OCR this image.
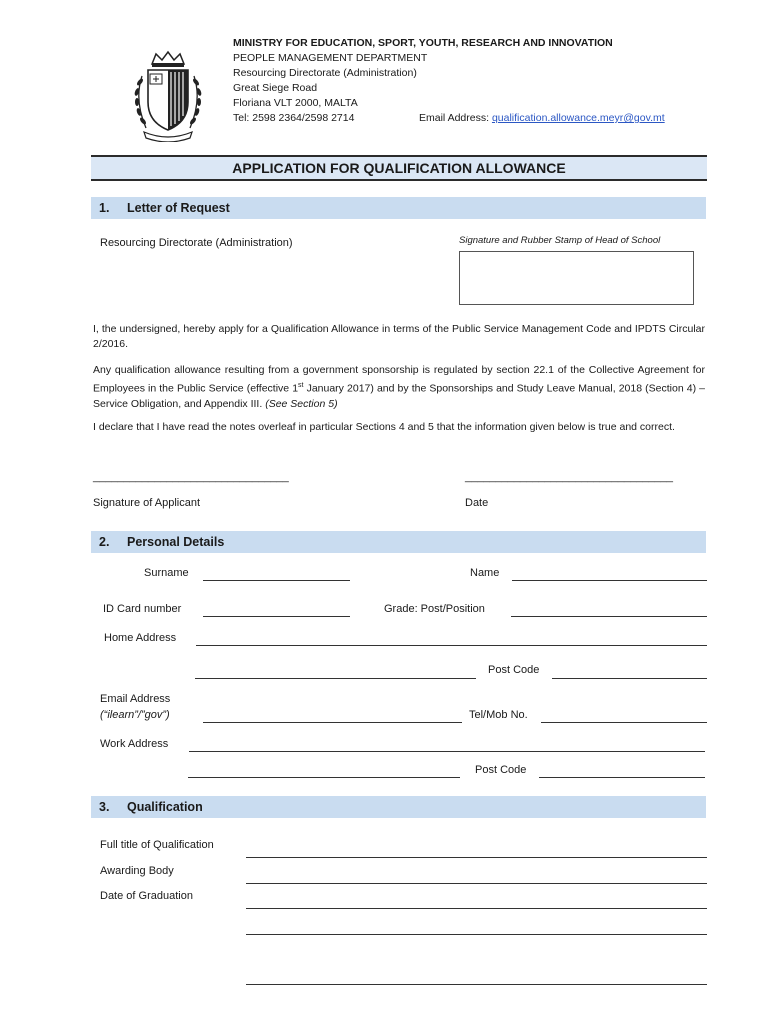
MINISTRY FOR EDUCATION, SPORT, YOUTH, RESEARCH AND INNOVATION
PEOPLE MANAGEMENT DEPARTMENT
Resourcing Directorate (Administration)
Great Siege Road
Floriana VLT 2000, MALTA
Tel: 2598 2364/2598 2714	Email Address: qualification.allowance.meyr@gov.mt
APPLICATION FOR QUALIFICATION ALLOWANCE
1. Letter of Request
Resourcing Directorate (Administration)	Signature and Rubber Stamp of Head of School
I, the undersigned, hereby apply for a Qualification Allowance in terms of the Public Service Management Code and IPDTS Circular 2/2016.
Any qualification allowance resulting from a government sponsorship is regulated by section 22.1 of the Collective Agreement for Employees in the Public Service (effective 1st January 2017) and by the Sponsorships and Study Leave Manual, 2018 (Section 4) – Service Obligation, and Appendix III. (See Section 5)
I declare that I have read the notes overleaf in particular Sections 4 and 5 that the information given below is true and correct.
________________________________	__________________________________
Signature of Applicant	Date
2. Personal Details
Surname	Name
ID Card number	Grade: Post/Position
Home Address
Post Code
Email Address
(“ilearn”/”gov”)	Tel/Mob No.
Work Address
Post Code
3. Qualification
Full title of Qualification
Awarding Body
Date of Graduation
